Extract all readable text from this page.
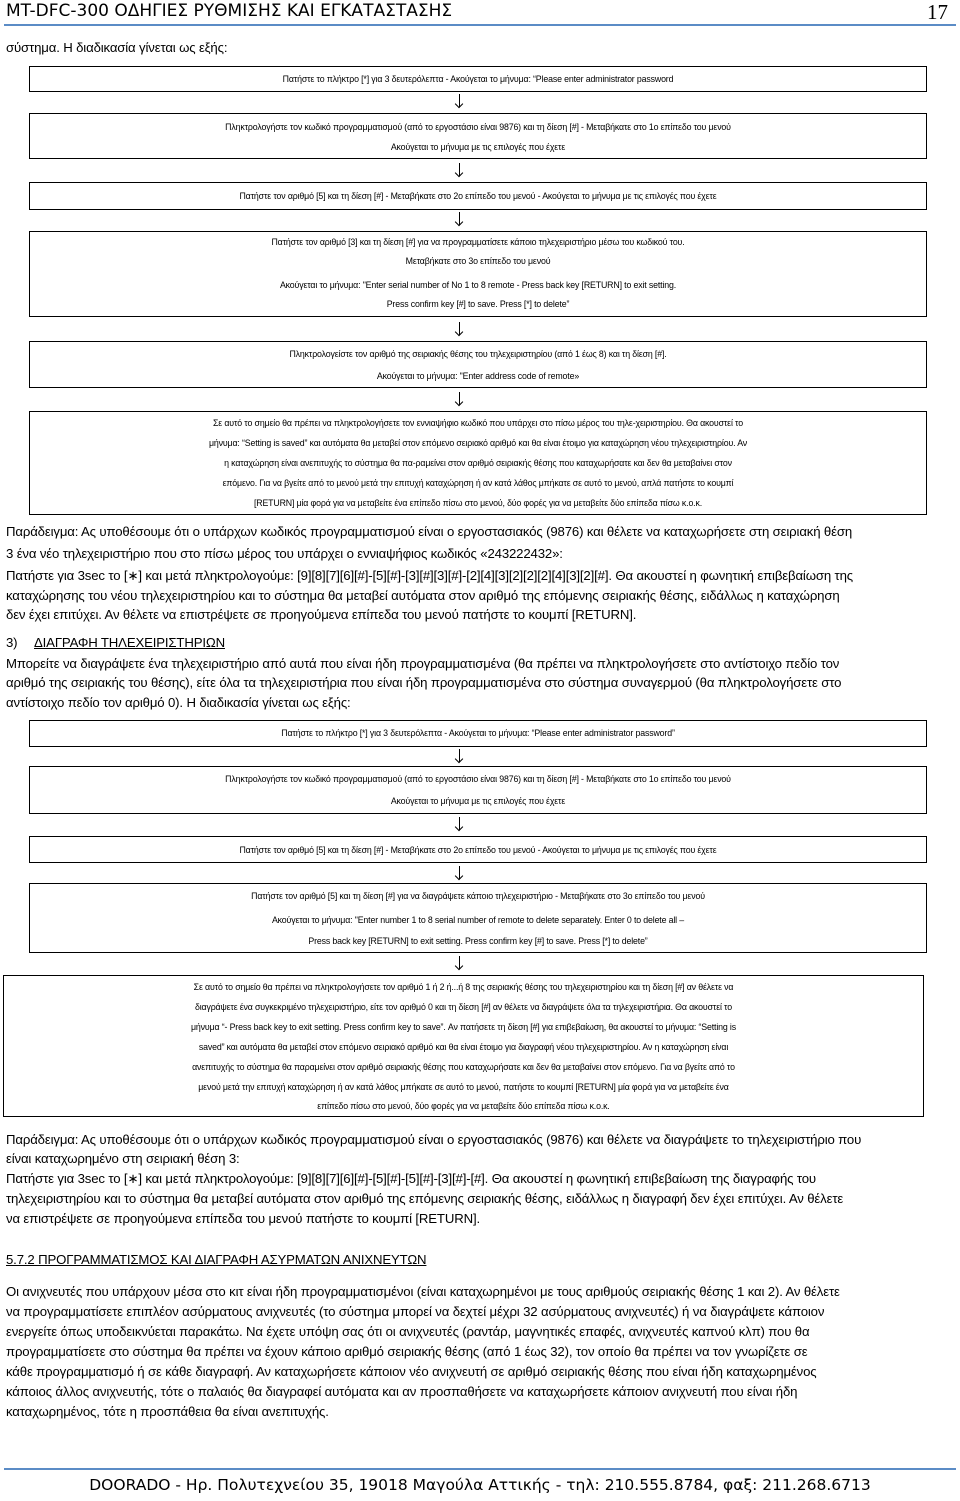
MT-DFC-300 ΟΔΗΓΙΕΣ ΡΥΘΜΙΣΗΣ ΚΑΙ ΕΓΚΑΤΑΣΤΑΣΗΣ	17
σύστημα. Η διαδικασία γίνεται ως εξής:
Πατήστε το πλήκτρο [*] για 3 δευτερόλεπτα - Ακούγεται το μήνυμα: “Please enter administrator password
Πληκτρολογήστε τον κωδικό προγραμματισμού (από το εργοστάσιο είναι 9876) και τη δίεση [#] - Μεταβήκατε στο 1ο επίπεδο του μενού
Ακούγεται το μήνυμα με τις επιλογές που έχετε
Πατήστε τον αριθμό [5] και τη δίεση [#] - Μεταβήκατε στο 2ο επίπεδο του μενού - Ακούγεται το μήνυμα με τις επιλογές που έχετε
Πατήστε τον αριθμό [3] και τη δίεση [#] για να προγραμματίσετε κάποιο τηλεχειριστήριο μέσω του κωδικού του.
Μεταβήκατε στο 3ο επίπεδο του μενού
Ακούγεται το μήνυμα: "Enter serial number of No 1 to 8 remote - Press back key [RETURN] to exit setting.
Press confirm key [#] to save. Press [*] to delete”
Πληκτρολογείστε τον αριθμό της σειριακής θέσης του τηλεχειριστηρίου (από 1 έως 8) και τη δίεση [#].
Ακούγεται το μήνυμα: "Enter address code of remote»
Σε αυτό το σημείο θα πρέπει να πληκτρολογήσετε τον εννιαψήφιο κωδικό που υπάρχει στο πίσω μέρος του τηλε-χειριστηρίου. Θα ακουστεί το
μήνυμα: “Setting is saved” και αυτόματα θα μεταβεί στον επόμενο σειριακό αριθμό και θα είναι έτοιμο για καταχώρηση νέου τηλεχειριστηρίου. Αν
η καταχώρηση είναι ανεπιτυχής το σύστημα θα πα-ραμείνει στον αριθμό σειριακής θέσης που καταχωρήσατε και δεν θα μεταβαίνει στον
επόμενο. Για να βγείτε από το μενού μετά την επιτυχή καταχώρηση ή αν κατά λάθος μπήκατε σε αυτό το μενού, απλά πατήστε το κουμπί
[RETURN] μία φορά για να μεταβείτε ένα επίπεδο πίσω στο μενού, δύο φορές για να μεταβείτε δύο επίπεδα πίσω κ.ο.κ.
Παράδειγμα: Ας υποθέσουμε ότι ο υπάρχων κωδικός προγραμματισμού είναι ο εργοστασιακός (9876) και θέλετε να καταχωρήσετε στη σειριακή θέση
3 ένα νέο τηλεχειριστήριο που στο πίσω μέρος του υπάρχει ο εννιαψήφιος κωδικός «243222432»:
Πατήστε για 3sec το [∗] και μετά πληκτρολογούμε: [9][8][7][6][#]-[5][#]-[3][#][3][#]-[2][4][3][2][2][2][4][3][2][#]. Θα ακουστεί η φωνητική επιβεβαίωση της
καταχώρησης του νέου τηλεχειριστηρίου και το σύστημα θα μεταβεί αυτόματα στον αριθμό της επόμενης σειριακής θέσης, ειδάλλως η καταχώρηση
δεν έχει επιτύχει. Αν θέλετε να επιστρέψετε σε προηγούμενα επίπεδα του μενού πατήστε το κουμπί [RETURN].
3) ΔΙΑΓΡΑΦΗ ΤΗΛΕΧΕΙΡΙΣΤΗΡΙΩΝ
Μπορείτε να διαγράψετε ένα τηλεχειριστήριο από αυτά που είναι ήδη προγραμματισμένα (θα πρέπει να πληκτρολογήσετε στο αντίστοιχο πεδίο τον
αριθμό της σειριακής του θέσης), είτε όλα τα τηλεχειριστήρια που είναι ήδη προγραμματισμένα στο σύστημα συναγερμού (θα πληκτρολογήσετε στο
αντίστοιχο πεδίο τον αριθμό 0). Η διαδικασία γίνεται ως εξής:
Πατήστε το πλήκτρο [*] για 3 δευτερόλεπτα - Ακούγεται το μήνυμα: “Please enter administrator password”
Πληκτρολογήστε τον κωδικό προγραμματισμού (από το εργοστάσιο είναι 9876) και τη δίεση [#] - Μεταβήκατε στο 1ο επίπεδο του μενού
Ακούγεται το μήνυμα με τις επιλογές που έχετε
Πατήστε τον αριθμό [5] και τη δίεση [#] - Μεταβήκατε στο 2ο επίπεδο του μενού - Ακούγεται το μήνυμα με τις επιλογές που έχετε
Πατήστε τον αριθμό [5] και τη δίεση [#] για να διαγράψετε κάποιο τηλεχειριστήριο - Μεταβήκατε στο 3ο επίπεδο του μενού
Ακούγεται το μήνυμα: "Enter number 1 to 8 serial number of remote to delete separately. Enter 0 to delete all –
Press back key [RETURN] to exit setting. Press confirm key [#] to save. Press [*] to delete”
Σε αυτό το σημείο θα πρέπει να πληκτρολογήσετε τον αριθμό 1 ή 2 ή...ή 8 της σειριακής θέσης του τηλεχειριστηρίου και τη δίεση [#] αν θέλετε να
διαγράψετε ένα συγκεκριμένο τηλεχειριστήριο, είτε τον αριθμό 0 και τη δίεση [#] αν θέλετε να διαγράψετε όλα τα τηλεχειριστήρια. Θα ακουστεί το
μήνυμα “- Press back key to exit setting. Press confirm key to save”. Αν πατήσετε τη δίεση [#] για επιβεβαίωση, θα ακουστεί το μήνυμα: “Setting is
saved” και αυτόματα θα μεταβεί στον επόμενο σειριακό αριθμό και θα είναι έτοιμο για διαγραφή νέου τηλεχειριστηρίου. Αν η καταχώρηση είναι
ανεπιτυχής το σύστημα θα παραμείνει στον αριθμό σειριακής θέσης που καταχωρήσατε και δεν θα μεταβαίνει στον επόμενο. Για να βγείτε από το
μενού μετά την επιτυχή καταχώρηση ή αν κατά λάθος μπήκατε σε αυτό το μενού, πατήστε το κουμπί [RETURN] μία φορά για να μεταβείτε ένα
επίπεδο πίσω στο μενού, δύο φορές για να μεταβείτε δύο επίπεδα πίσω κ.ο.κ.
Παράδειγμα: Ας υποθέσουμε ότι ο υπάρχων κωδικός προγραμματισμού είναι ο εργοστασιακός (9876) και θέλετε να διαγράψετε το τηλεχειριστήριο που
είναι καταχωρημένο στη σειριακή θέση 3:
Πατήστε για 3sec το [∗] και μετά πληκτρολογούμε: [9][8][7][6][#]-[5][#]-[5][#]-[3][#]-[#]. Θα ακουστεί η φωνητική επιβεβαίωση της διαγραφής του
τηλεχειριστηρίου και το σύστημα θα μεταβεί αυτόματα στον αριθμό της επόμενης σειριακής θέσης, ειδάλλως η διαγραφή δεν έχει επιτύχει. Αν θέλετε
να επιστρέψετε σε προηγούμενα επίπεδα του μενού πατήστε το κουμπί [RETURN].
5.7.2 ΠΡΟΓΡΑΜΜΑΤΙΣΜΟΣ ΚΑΙ ΔΙΑΓΡΑΦΗ ΑΣΥΡΜΑΤΩΝ ΑΝΙΧΝΕΥΤΩΝ
Οι ανιχνευτές που υπάρχουν μέσα στο κιτ είναι ήδη προγραμματισμένοι (είναι καταχωρημένοι με τους αριθμούς σειριακής θέσης 1 και 2). Αν θέλετε
να προγραμματίσετε επιπλέον ασύρματους ανιχνευτές (το σύστημα μπορεί να δεχτεί μέχρι 32 ασύρματους ανιχνευτές) ή να διαγράψετε κάποιον
ενεργείτε όπως υποδεικνύεται παρακάτω. Να έχετε υπόψη σας ότι οι ανιχνευτές (ραντάρ, μαγνητικές επαφές, ανιχνευτές καπνού κλπ) που θα
προγραμματίσετε στο σύστημα θα πρέπει να έχουν κάποιο αριθμό σειριακής θέσης (από 1 έως 32), τον οποίο θα πρέπει να τον γνωρίζετε σε
κάθε προγραμματισμό ή σε κάθε διαγραφή. Αν καταχωρήσετε κάποιον νέο ανιχνευτή σε αριθμό σειριακής θέσης που είναι ήδη καταχωρημένος
κάποιος άλλος ανιχνευτής, τότε ο παλαιός θα διαγραφεί αυτόματα και αν προσπαθήσετε να καταχωρήσετε κάποιον ανιχνευτή που είναι ήδη
καταχωρημένος, τότε η προσπάθεια θα είναι ανεπιτυχής.
DOORADO - Ηρ. Πολυτεχνείου 35, 19018 Μαγούλα Αττικής - τηλ: 210.555.8784, φαξ: 211.268.6713
